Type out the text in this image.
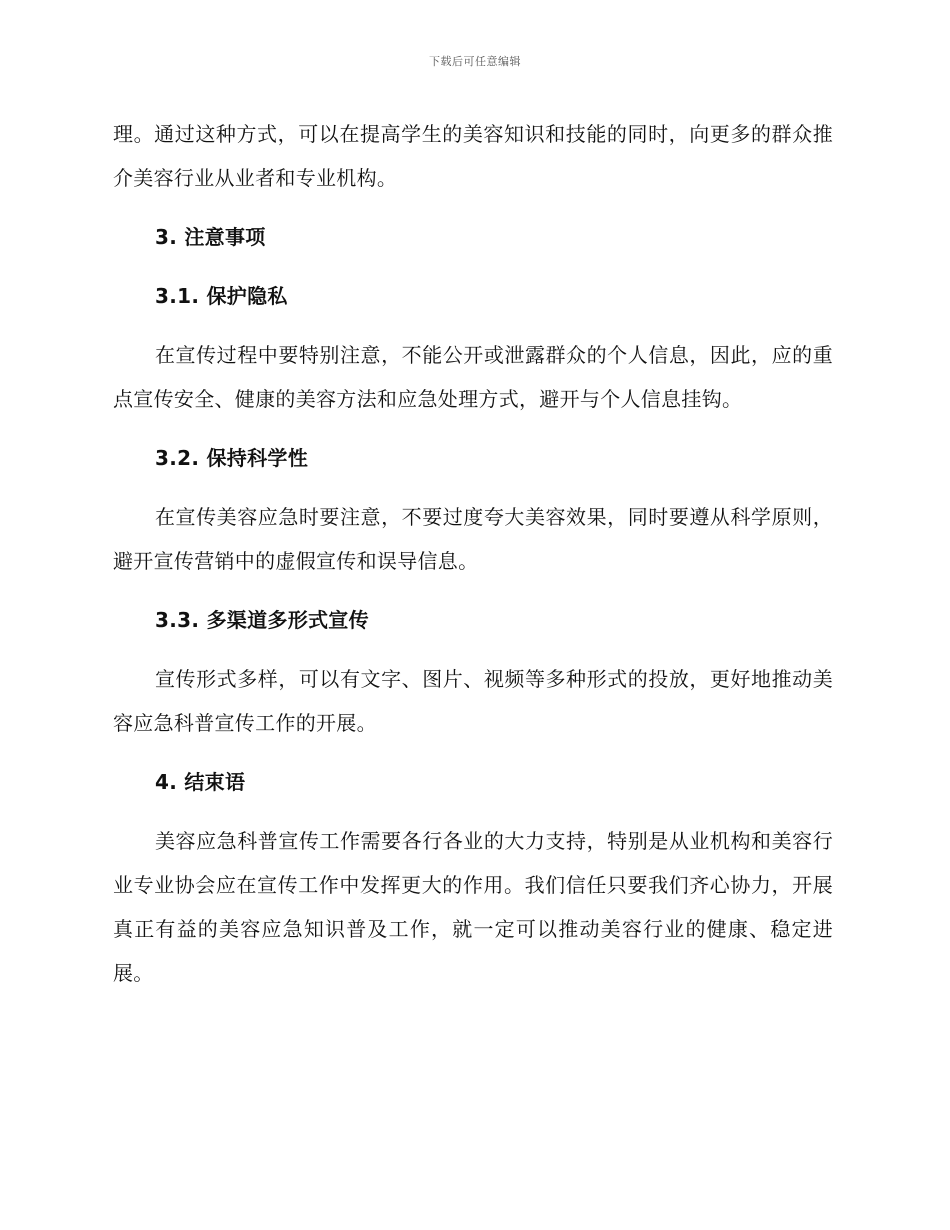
下载后可任意编辑

理。通过这种方式，可以在提高学生的美容知识和技能的同时，向更多的群众推介美容行业从业者和专业机构。

3. 注意事项
3.1. 保护隐私

在宣传过程中要特别注意，不能公开或泄露群众的个人信息，因此，应的重点宣传安全、健康的美容方法和应急处理方式，避开与个人信息挂钩。

3.2. 保持科学性

在宣传美容应急时要注意，不要过度夸大美容效果，同时要遵从科学原则，避开宣传营销中的虚假宣传和误导信息。

3.3. 多渠道多形式宣传

宣传形式多样，可以有文字、图片、视频等多种形式的投放，更好地推动美容应急科普宣传工作的开展。

4. 结束语

美容应急科普宣传工作需要各行各业的大力支持，特别是从业机构和美容行业专业协会应在宣传工作中发挥更大的作用。我们信任只要我们齐心协力，开展真正有益的美容应急知识普及工作，就一定可以推动美容行业的健康、稳定进展。
